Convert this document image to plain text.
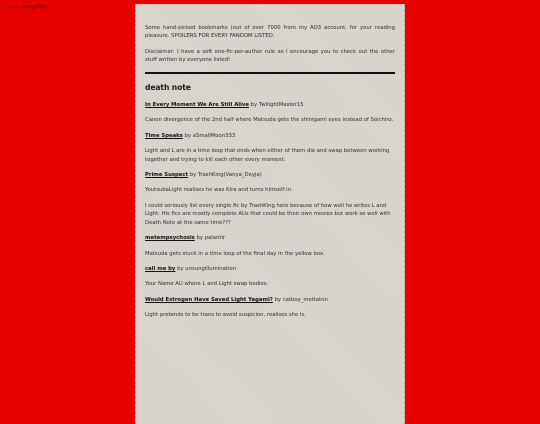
<<< navigation

Some hand-picked bookmarks (out of over 7000 from my AO3 account, for your reading pleasure. SPOILERS FOR EVERY FANDOM LISTED.

Disclaimer: I have a soft one-fic-per-author rule so I encourage you to check out the other stuff written by everyone listed!

death note
In Every Moment We Are Still Alive by TwilightMaster15
Canon divergence of the 2nd half where Matsuda gets the shinigami eyes instead of Soichiro.
Time Speaks by aSmallMoon333
Light and L are in a time loop that ends when either of them die and swap between working together and trying to kill each other every moment.
Prime Suspect by TrashKing(Vanya_Deyja)
YoutsubaLight realises he was Kira and turns himself in.
I could seriously list every single fic by TrashKing here because of how well he writes L and Light. His fics are mostly complete AUs that could be their own movies but work so well with Death Note at the same time???
metempsychosis by palantir
Matsuda gets stuck in a time loop of the final day in the yellow box.
call me by by unsungillumination
Your Name AU where L and Light swap bodies.
Would Estrogen Have Saved Light Yagami? by catboy_mettaton
Light pretends to be trans to avoid suspicion, realises she is.
